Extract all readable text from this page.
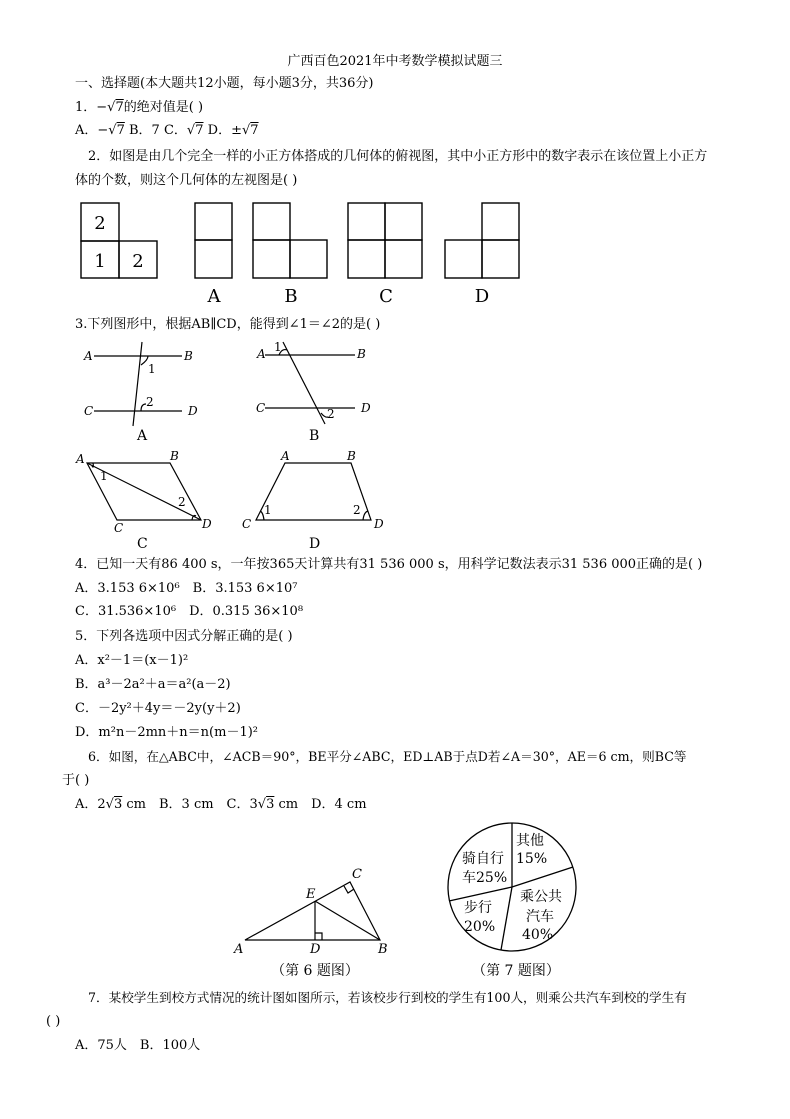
广西百色2021年中考数学模拟试题三
一、选择题(本大题共12小题，每小题3分，共36分)
1．−√7的绝对值是( )
A．−√7 B．7 C．√7 D．±√7
2．如图是由几个完全一样的小正方体搭成的几何体的俯视图，其中小正方形中的数字表示在该位置上小正方
体的个数，则这个几何体的左视图是( )
2
1 2
A	B	C	D
3.下列图形中，根据AB∥CD，能得到∠1＝∠2的是( )
A	B
C	D
1
2
A
A	B
C	D
1
2
B
A	B
C	D
1
2
C
A	B
C	D
1	2
D
4．已知一天有86 400 s，一年按365天计算共有31 536 000 s，用科学记数法表示31 536 000正确的是( )
A．3.153 6×10⁶　B．3.153 6×10⁷
C．31.536×10⁶　D．0.315 36×10⁸
5．下列各选项中因式分解正确的是( )
A．x²－1＝(x－1)²
B．a³－2a²＋a＝a²(a－2)
C．－2y²＋4y＝－2y(y＋2)
D．m²n－2mn＋n＝n(m－1)²
6．如图，在△ABC中，∠ACB＝90°，BE平分∠ABC，ED⊥AB于点D若∠A＝30°，AE＝6 cm，则BC等
于( )
A．2√3 cm　B．3 cm　C．3√3 cm　D．4 cm
E
C
A	D	B
（第 6 题图）
其他
15%
骑自行
车25%
乘公共
汽车
40%
步行
20%
（第 7 题图）
7．某校学生到校方式情况的统计图如图所示，若该校步行到校的学生有100人，则乘公共汽车到校的学生有
( )
A．75人　B．100人
